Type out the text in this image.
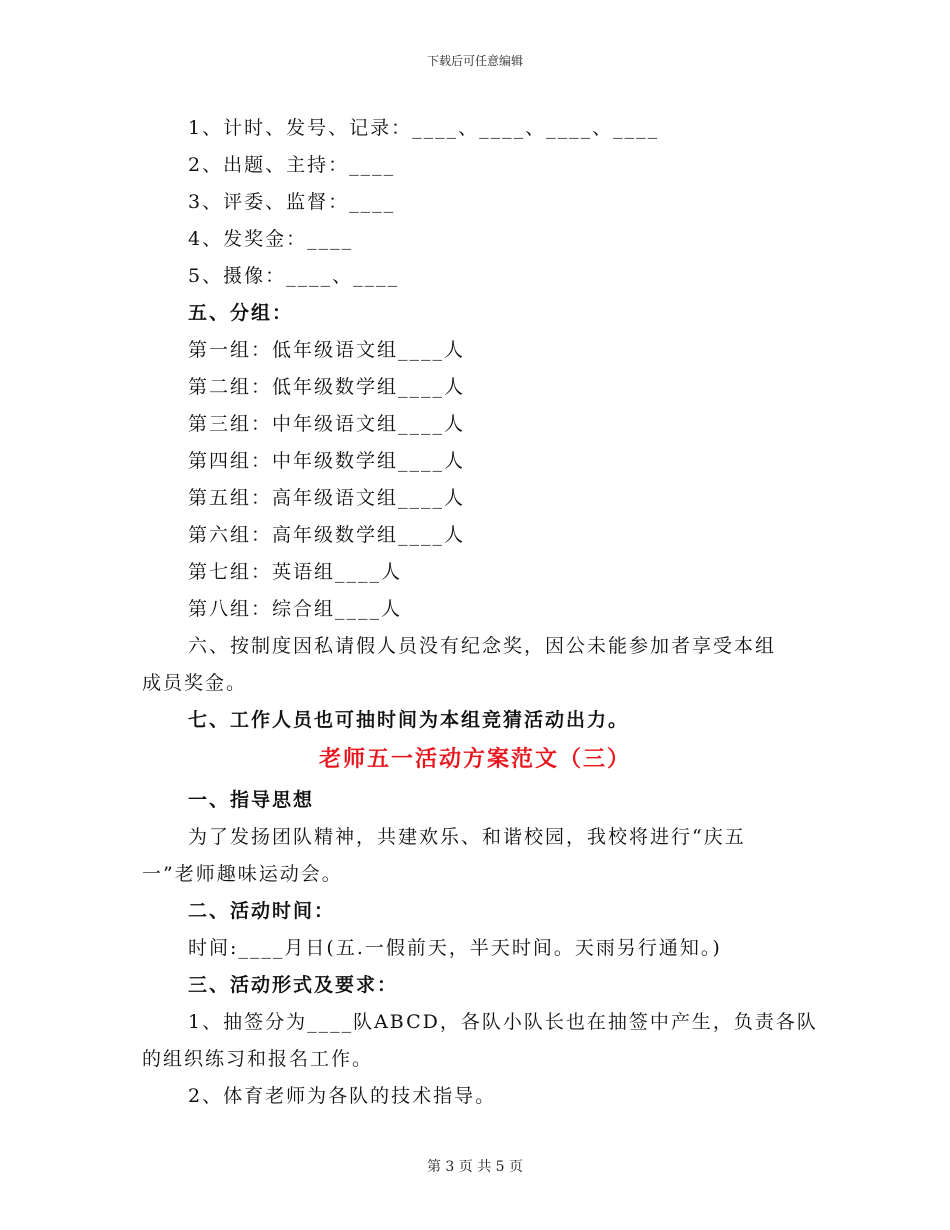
下载后可任意编辑
1、计时、发号、记录：____、____、____、____
2、出题、主持：____
3、评委、监督：____
4、发奖金：____
5、摄像：____、____
五、分组：
第一组：低年级语文组____人
第二组：低年级数学组____人
第三组：中年级语文组____人
第四组：中年级数学组____人
第五组：高年级语文组____人
第六组：高年级数学组____人
第七组：英语组____人
第八组：综合组____人
六、按制度因私请假人员没有纪念奖，因公未能参加者享受本组
成员奖金。
七、工作人员也可抽时间为本组竞猜活动出力。
老师五一活动方案范文（三）
一、指导思想
为了发扬团队精神，共建欢乐、和谐校园，我校将进行“庆五
一”老师趣味运动会。
二、活动时间：
时间:____月日(五.一假前天，半天时间。天雨另行通知。)
三、活动形式及要求：
1、抽签分为____队ABCD，各队小队长也在抽签中产生，负责各队
的组织练习和报名工作。
2、体育老师为各队的技术指导。
第 3 页 共 5 页
